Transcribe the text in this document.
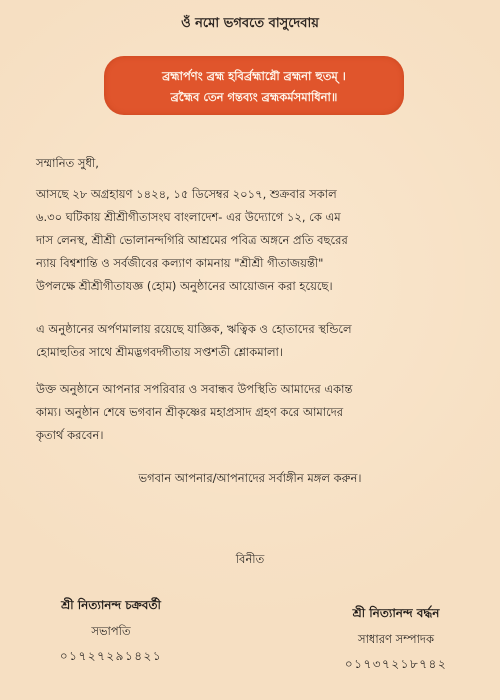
ওঁ নমো ভগবতে বাসুদেবায়
ব্রহ্মার্পণং ব্রহ্ম হবির্ব্রহ্মাগ্নৌ ব্রহ্মনা হুতম্ ।
ব্রহ্মৈব তেন গন্তব্যং ব্রহ্মকর্মসমাধিনা॥
সম্মানিত সুধী,
আসছে ২৮ অগ্রহায়ণ ১৪২৪, ১৫ ডিসেম্বর ২০১৭, শুক্রবার সকাল
৬.৩০ ঘটিকায় শ্রীশ্রীগীতাসংঘ বাংলাদেশ- এর উদ্যোগে ১২, কে এম
দাস লেনস্থ, শ্রীশ্রী ভোলানন্দগিরি আশ্রমের পবিত্র অঙ্গনে প্রতি বছরের
ন্যায় বিশ্বশান্তি ও সর্বজীবের কল্যাণ কামনায় "শ্রীশ্রী গীতাজয়ন্তী"
উপলক্ষে শ্রীশ্রীগীতাযজ্ঞ (হোম) অনুষ্ঠানের আয়োজন করা হয়েছে।
এ অনুষ্ঠানের অর্পণমালায় রয়েছে যাজ্ঞিক, ঋত্বিক ও হোতাদের স্থন্ডিলে
হোমাহুতির সাথে শ্রীমদ্ভগবদ্গীতায় সপ্তশতী শ্লোকমালা।
উক্ত অনুষ্ঠানে আপনার সপরিবার ও সবান্ধব উপস্থিতি আমাদের একান্ত
কাম্য। অনুষ্ঠান শেষে ভগবান শ্রীকৃষ্ণের মহাপ্রসাদ গ্রহণ করে আমাদের
কৃতার্থ করবেন।
ভগবান আপনার/আপনাদের সর্বাঙ্গীন মঙ্গল করুন।
বিনীত
শ্রী নিত্যানন্দ চক্রবর্তী
সভাপতি
০১৭২৭২৯১৪২১
শ্রী নিত্যানন্দ বর্দ্ধন
সাধারণ সম্পাদক
০১৭৩৭২১৮৭৪২
